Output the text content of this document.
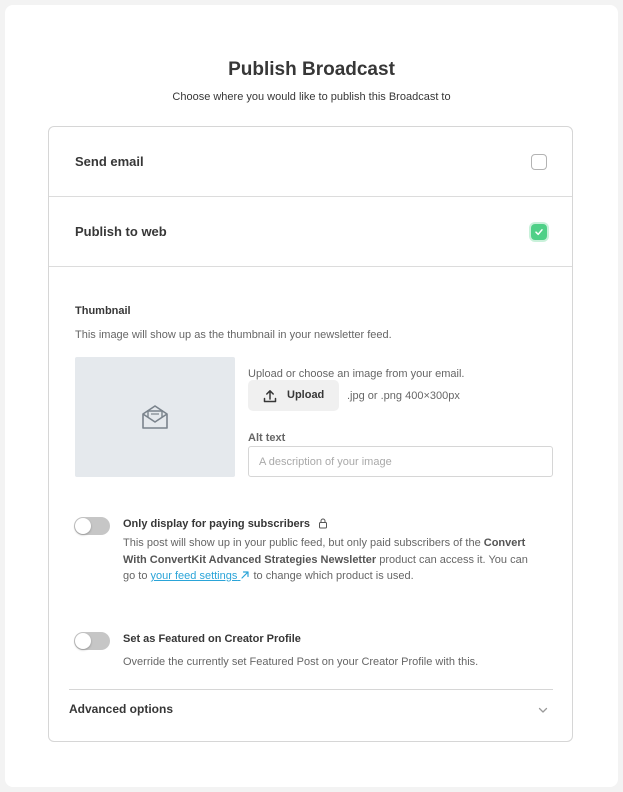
Publish Broadcast
Choose where you would like to publish this Broadcast to
Send email
Publish to web
Thumbnail
This image will show up as the thumbnail in your newsletter feed.
Upload or choose an image from your email.
Upload .jpg or .png 400×300px
Alt text
A description of your image
Only display for paying subscribers
This post will show up in your public feed, but only paid subscribers of the Convert With ConvertKit Advanced Strategies Newsletter product can access it. You can go to your feed settings  to change which product is used.
Set as Featured on Creator Profile
Override the currently set Featured Post on your Creator Profile with this.
Advanced options
